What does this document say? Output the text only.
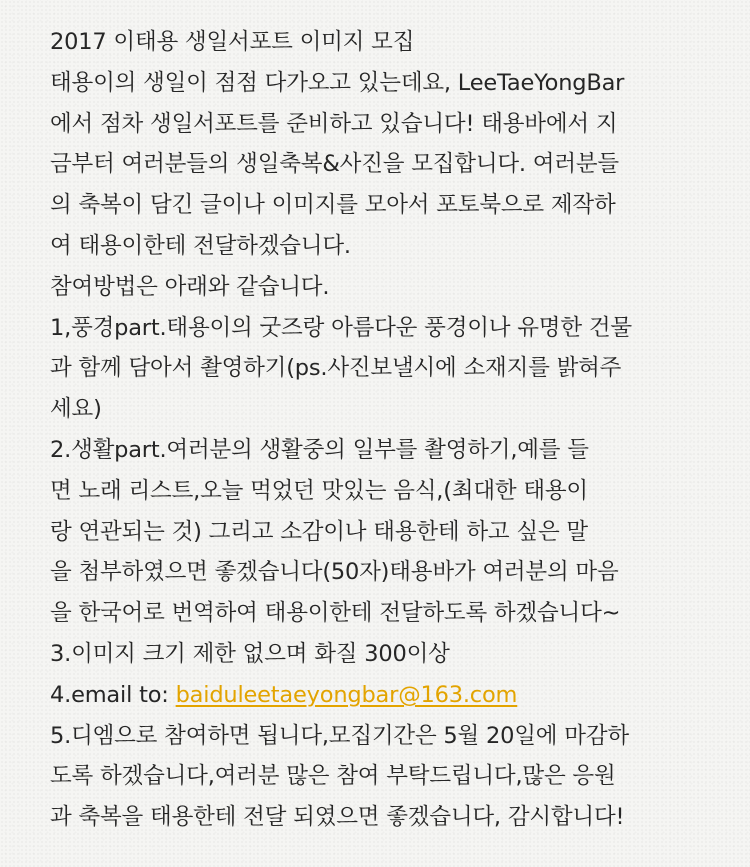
2017 이태용 생일서포트 이미지 모집
태용이의 생일이 점점 다가오고 있는데요, LeeTaeYongBar
에서 점차 생일서포트를 준비하고 있습니다! 태용바에서 지
금부터 여러분들의 생일축복&사진을 모집합니다. 여러분들
의 축복이 담긴 글이나 이미지를 모아서 포토북으로 제작하
여 태용이한테 전달하겠습니다.
참여방법은 아래와 같습니다.
1,풍경part.태용이의 굿즈랑 아름다운 풍경이나 유명한 건물
과 함께 담아서 촬영하기(ps.사진보낼시에 소재지를 밝혀주
세요)
2.생활part.여러분의 생활중의 일부를 촬영하기,예를 들
면 노래 리스트,오늘 먹었던 맛있는 음식,(최대한 태용이
랑 연관되는 것) 그리고 소감이나 태용한테 하고 싶은 말
을 첨부하였으면 좋겠습니다(50자)태용바가 여러분의 마음
을 한국어로 번역하여 태용이한테 전달하도록 하겠습니다~
3.이미지 크기 제한 없으며 화질 300이상
4.email to: baiduleetaeyongbar@163.com
5.디엠으로 참여하면 됩니다,모집기간은 5월 20일에 마감하
도록 하겠습니다,여러분 많은 참여 부탁드립니다,많은 응원
과 축복을 태용한테 전달 되였으면 좋겠습니다, 감시합니다!
